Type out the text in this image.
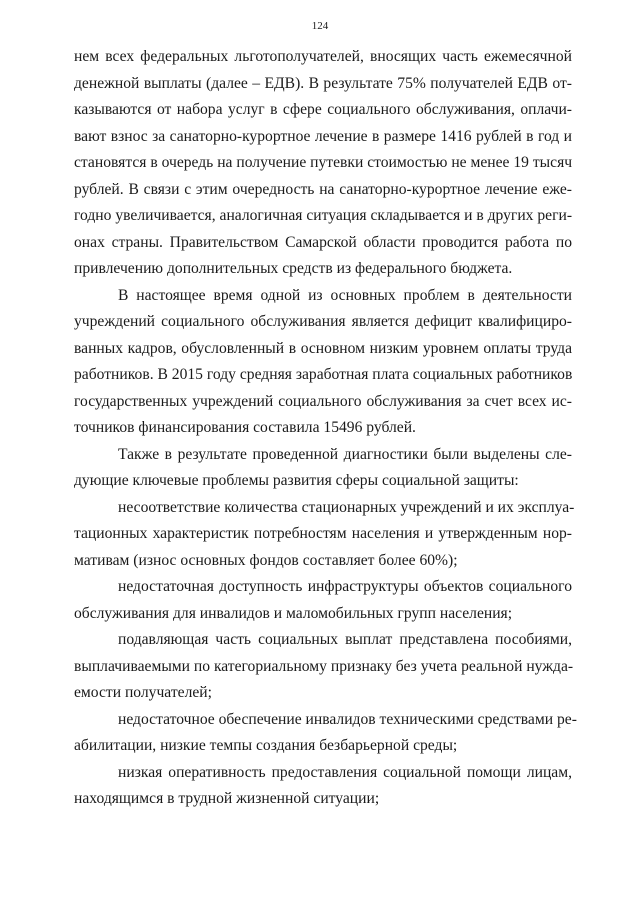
124
нем всех федеральных льготополучателей, вносящих часть ежемесячной
денежной выплаты (далее – ЕДВ). В результате 75% получателей ЕДВ от-
казываются от набора услуг в сфере социального обслуживания, оплачи-
вают взнос за санаторно-курортное лечение в размере 1416 рублей в год и
становятся в очередь на получение путевки стоимостью не менее 19 тысяч
рублей. В связи с этим очередность на санаторно-курортное лечение еже-
годно увеличивается, аналогичная ситуация складывается и в других реги-
онах страны. Правительством Самарской области проводится работа по
привлечению дополнительных средств из федерального бюджета.
В настоящее время одной из основных проблем в деятельности
учреждений социального обслуживания является дефицит квалифициро-
ванных кадров, обусловленный в основном низким уровнем оплаты труда
работников. В 2015 году средняя заработная плата социальных работников
государственных учреждений социального обслуживания за счет всех ис-
точников финансирования составила 15496 рублей.
Также в результате проведенной диагностики были выделены сле-
дующие ключевые проблемы развития сферы социальной защиты:
несоответствие количества стационарных учреждений и их эксплуа-
тационных характеристик потребностям населения и утвержденным нор-
мативам (износ основных фондов составляет более 60%);
недостаточная доступность инфраструктуры объектов социального
обслуживания для инвалидов и маломобильных групп населения;
подавляющая часть социальных выплат представлена пособиями,
выплачиваемыми по категориальному признаку без учета реальной нужда-
емости получателей;
недостаточное обеспечение инвалидов техническими средствами ре-
абилитации, низкие темпы создания безбарьерной среды;
низкая оперативность предоставления социальной помощи лицам,
находящимся в трудной жизненной ситуации;
